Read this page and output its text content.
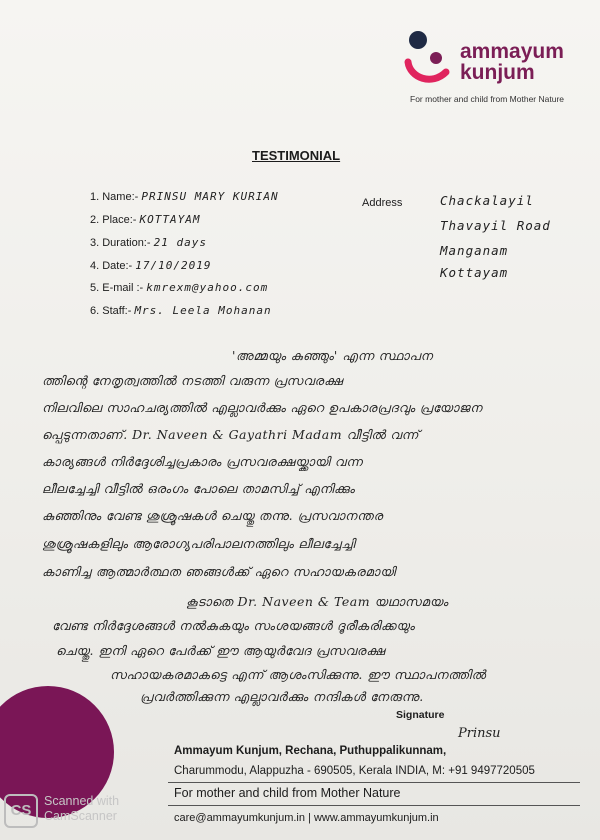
ammayum
kunjum
For mother and child from Mother Nature
TESTIMONIAL
1. Name:- PRINSU MARY KURIAN
2. Place:- KOTTAYAM
3. Duration:- 21 days
4. Date:- 17/10/2019
5. E-mail :- kmrexm@yahoo.com
6. Staff:- Mrs. Leela Mohanan
Address	Chackalayil
Thavayil Road
Manganam
Kottayam
'അമ്മയും കുഞ്ഞും' എന്ന സ്ഥാപന
ത്തിന്റെ നേതൃത്വത്തിൽ നടത്തി വരുന്ന പ്രസവരക്ഷ
നിലവിലെ സാഹചര്യത്തിൽ എല്ലാവർക്കും ഏറെ ഉപകാരപ്രദവും പ്രയോജന
പ്പെടുന്നതാണ്. Dr. Naveen & Gayathri Madam വീട്ടിൽ വന്ന്
കാര്യങ്ങൾ നിർദ്ദേശിച്ചപ്രകാരം പ്രസവരക്ഷയ്ക്കായി വന്ന
ലീലച്ചേച്ചി വീട്ടിൽ ഒരംഗം പോലെ താമസിച്ച് എനിക്കും
കുഞ്ഞിനും വേണ്ട ശുശ്രൂഷകൾ ചെയ്തു തന്നു. പ്രസവാനന്തര
ശുശ്രൂഷകളിലും ആരോഗ്യപരിപാലനത്തിലും ലീലച്ചേച്ചി
കാണിച്ച ആത്മാർത്ഥത ഞങ്ങൾക്ക് ഏറെ സഹായകരമായി
കൂടാതെ Dr. Naveen & Team യഥാസമയം
വേണ്ട നിർദ്ദേശങ്ങൾ നൽകുകയും സംശയങ്ങൾ ദൂരീകരിക്കയും
ചെയ്തു. ഇനി ഏറെ പേർക്ക് ഈ ആയുർവേദ പ്രസവരക്ഷ
സഹായകരമാകട്ടെ എന്ന് ആശംസിക്കുന്നു. ഈ സ്ഥാപനത്തിൽ
പ്രവർത്തിക്കുന്ന എല്ലാവർക്കും നന്ദികൾ നേരുന്നു.
Signature
Prinsu
Ammayum Kunjum, Rechana, Puthuppalikunnam,
Charummodu, Alappuzha - 690505, Kerala INDIA, M: +91 9497720505
For mother and child from Mother Nature
care@ammayumkunjum.in | www.ammayumkunjum.in
CS
Scanned with
CamScanner
